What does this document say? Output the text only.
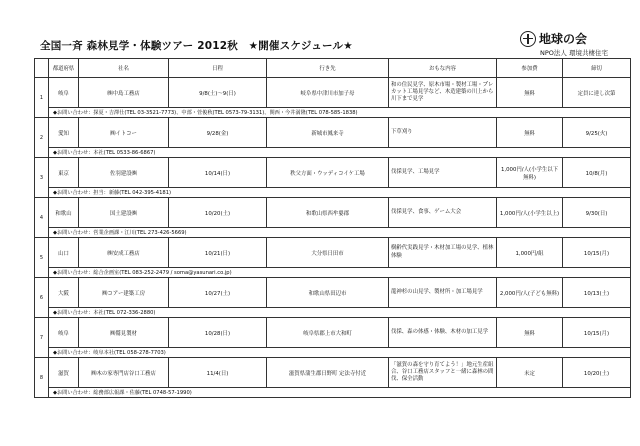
全国一斉 森林見学・体験ツアー 2012秋　★開催スケジュール★	地球の会
NPO法人 環境共棲住宅
	都道府県	社名	日程	行き先	おもな内容	参加費	締切
1	岐阜	㈱中島工務店	9/8(土)～9(日)	岐阜県中津川市加子母	和の住民見学、原木市場・製材工場・プレカット工場見学など、木造建築の川上から川下まで見学	無料	定員に達し次第
	◆お問い合わせ：探夏・吉澤仕(TEL 03-3521-7773)、中部・菅俊秋(TEL 0573-79-3131)、関西・今井満隆(TEL 078-585-1838)						
2	愛知	㈱イトコー	9/28(金)	新城市鳳来寺	下草刈り	無料	9/25(火)
	◆お問い合わせ：本社(TEL 0533-86-6867)						
3	東京	佐羽建設㈱	10/14(日)	秩父方面・ウッディコイケ工場	伐採見学、工場見学	1,000円/人(小学生以下無料)	10/8(月)
	◆お問い合わせ：担当：新藤(TEL 042-395-4181)						
4	和歌山	国土建設㈱	10/20(土)	和歌山県西牟婁郡	伐採見学、食事、ゲーム大会	1,000円/人(小学生以上)	9/30(日)
	◆お問い合わせ：営業企画課・江川(TEL 273-426-5669)						
5	山口	㈱安成工務店	10/21(日)	大分県日田市	樹齢代実践見学・木材加工場の見学、植林体験	1,000円/組	10/15(月)
	◆お問い合わせ：総合企画室(TEL 083-252-2479 / soma@yasunari.co.jp)						
6	大阪	㈱コアー建築工房	10/27(土)	和歌山県田辺市	龍神杉の山見学、製材所・加工場見学	2,000円/人(子ども無料)	10/13(土)
	◆お問い合わせ：本社(TEL 072-336-2880)						
7	岐阜	㈱鷲見製材	10/28(日)	岐阜県郡上市大和町	伐採、森の体感・体験、木材の加工見学	無料	10/15(月)
	◆お問い合わせ：岐阜本社(TEL 058-278-7703)						
8	滋賀	㈱木の家専門店谷口工務店	11/4(日)	滋賀県蒲生郡日野町 定法寺付近	「滋賀の森を守り育てよう！」地元生産組合、谷口工務店スタッフと一緒に森林の間伐、保全活動	未定	10/20(土)
	◆お問い合わせ：総務部広報課・佐藤(TEL 0748-57-1990)						
